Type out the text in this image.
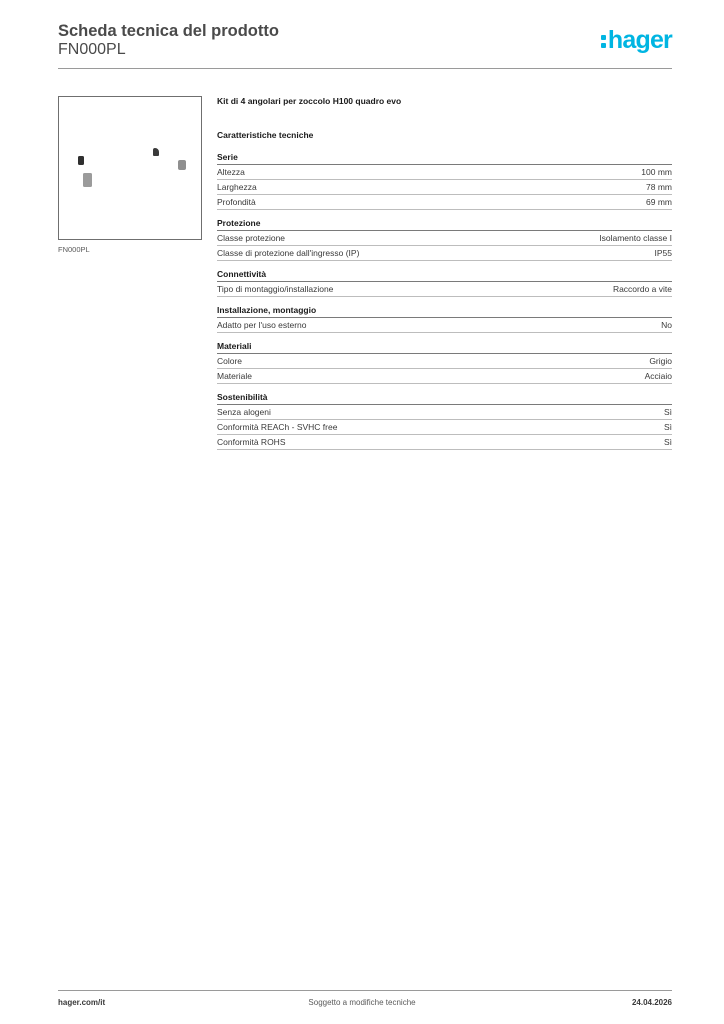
Scheda tecnica del prodotto
FN000PL	hager
FN000PL
Kit di 4 angolari per zoccolo H100 quadro evo
Caratteristiche tecniche
Serie
Altezza	100 mm
Larghezza	78 mm
Profondità	69 mm
Protezione
Classe protezione	Isolamento classe I
Classe di protezione dall'ingresso (IP)	IP55
Connettività
Tipo di montaggio/installazione	Raccordo a vite
Installazione, montaggio
Adatto per l'uso esterno	No
Materiali
Colore	Grigio
Materiale	Acciaio
Sostenibilità
Senza alogeni	Sì
Conformità REACh - SVHC free	Sì
Conformità ROHS	Sì
hager.com/it	Soggetto a modifiche tecniche	24.04.2026
